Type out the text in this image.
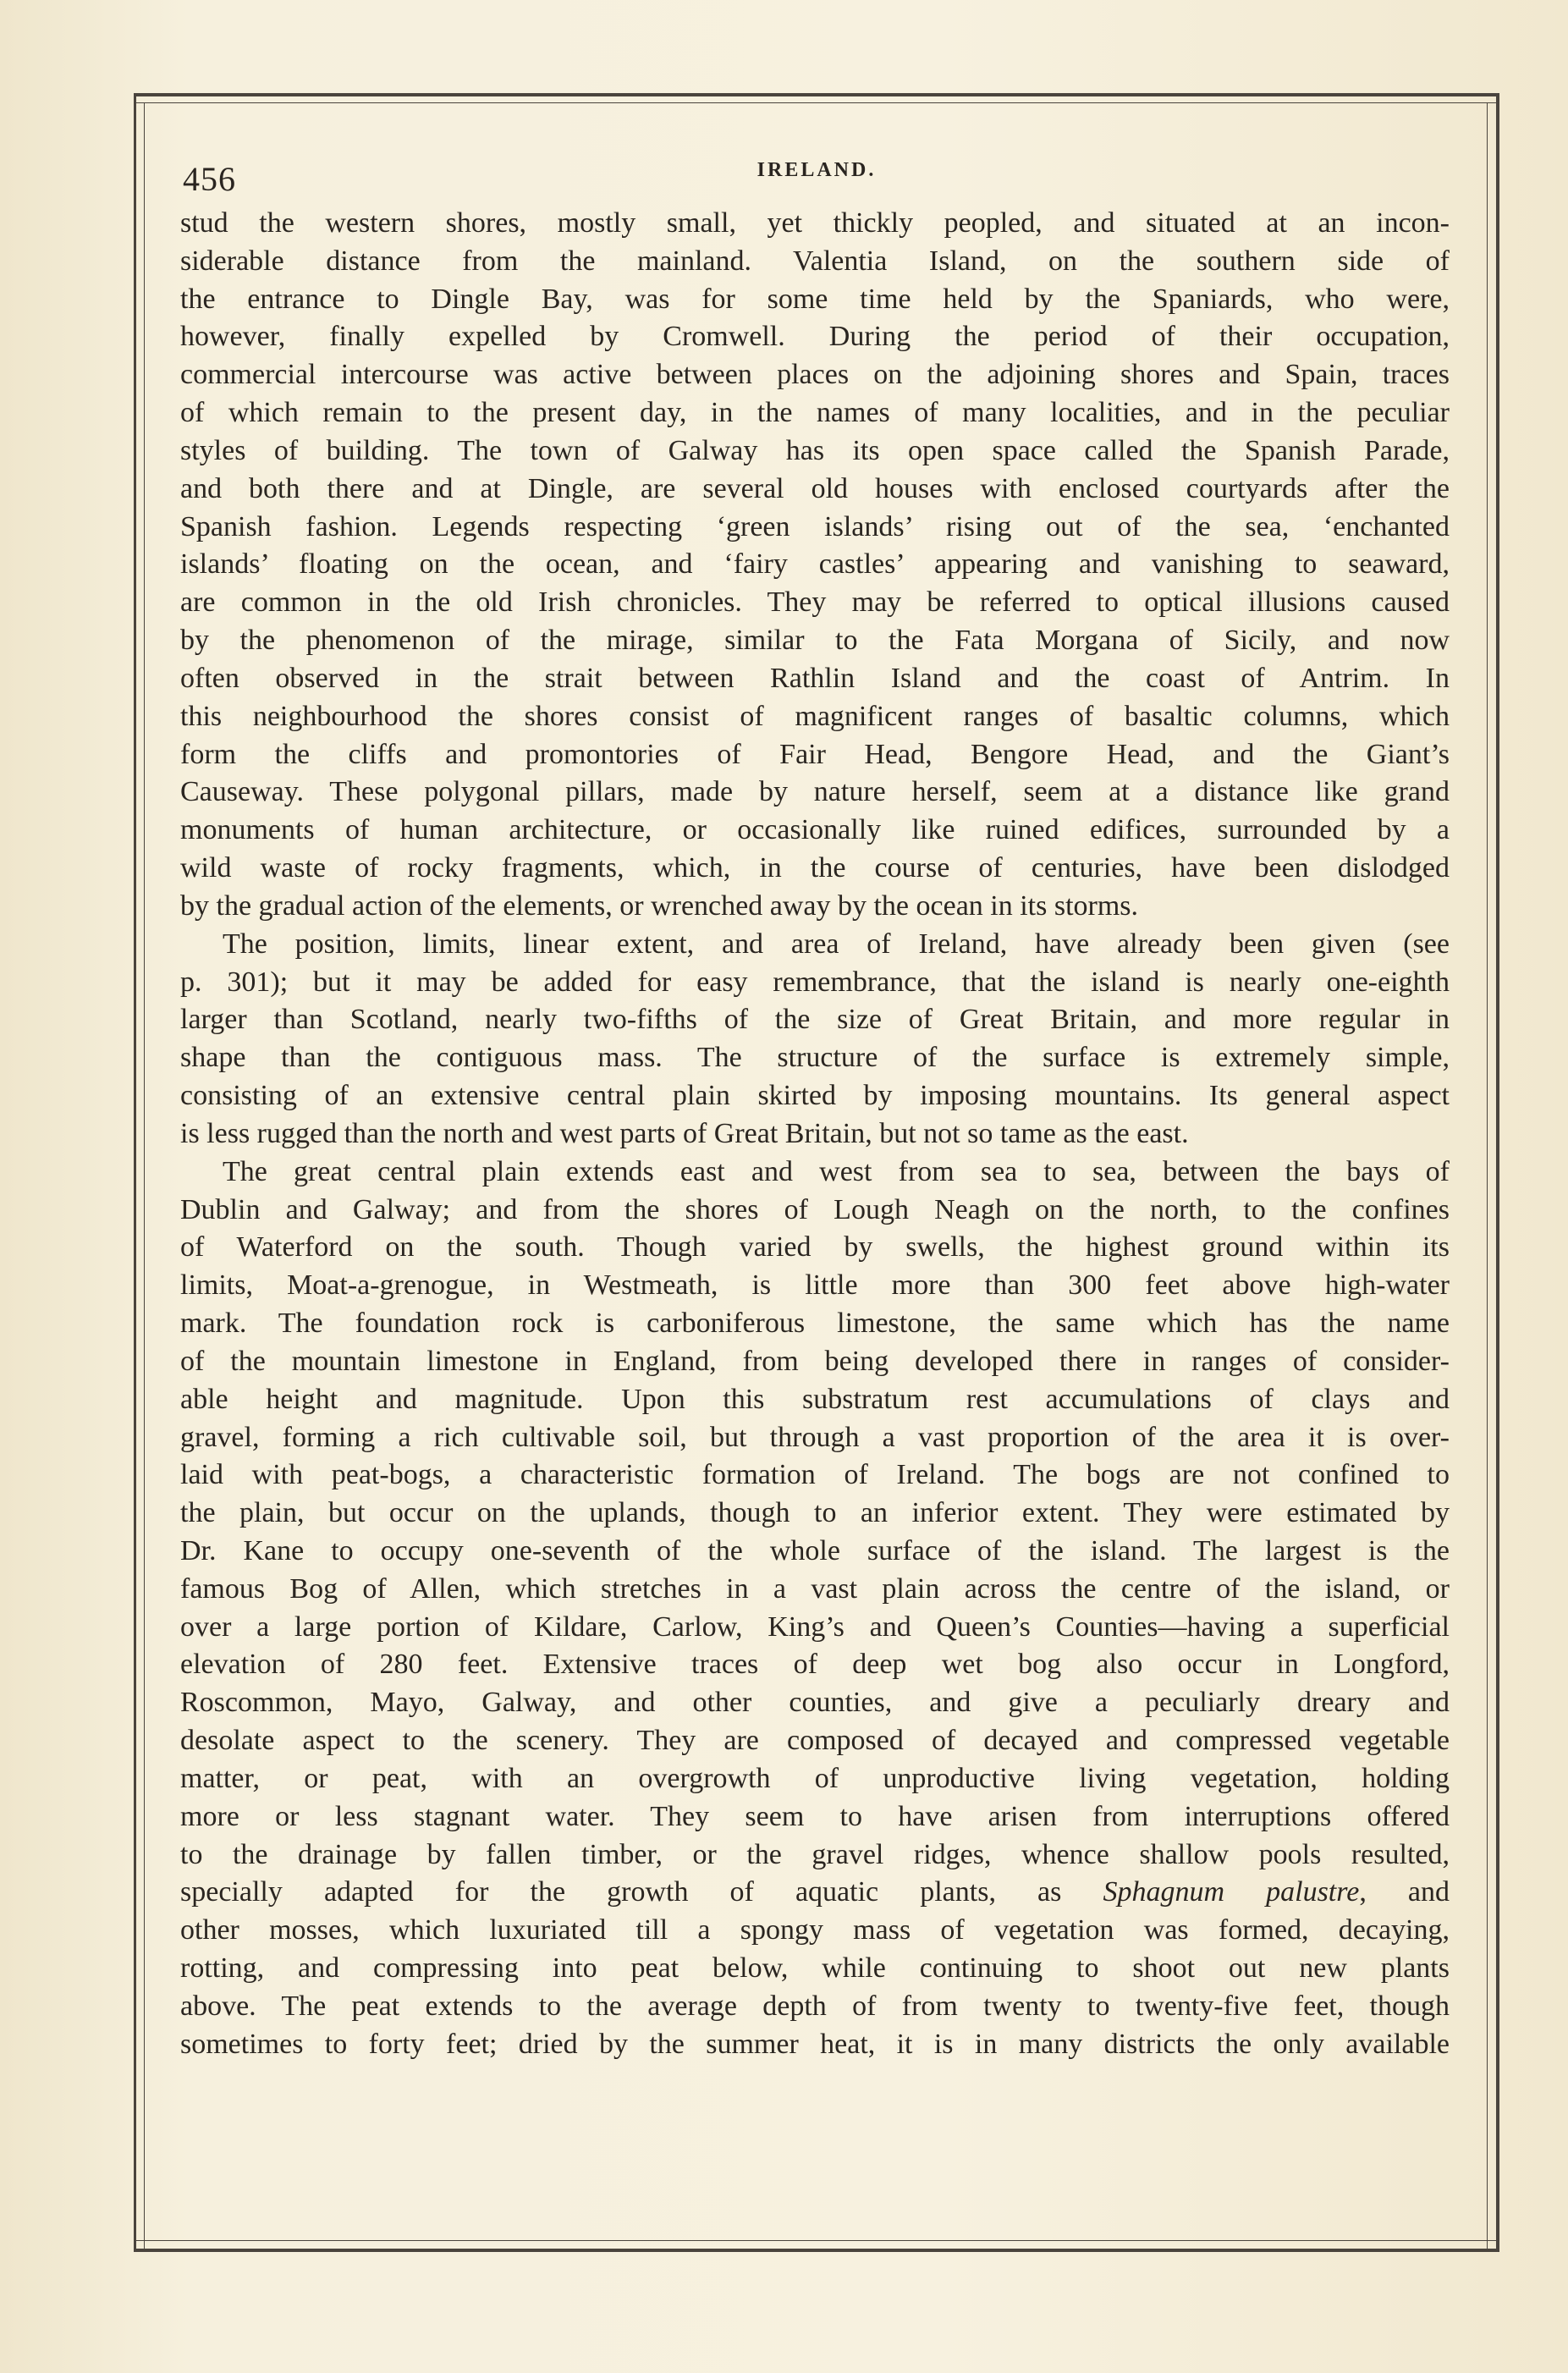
456	IRELAND.
stud the western shores, mostly small, yet thickly peopled, and situated at an incon-
siderable distance from the mainland. Valentia Island, on the southern side of
the entrance to Dingle Bay, was for some time held by the Spaniards, who were,
however, finally expelled by Cromwell. During the period of their occupation,
commercial intercourse was active between places on the adjoining shores and Spain, traces
of which remain to the present day, in the names of many localities, and in the peculiar
styles of building. The town of Galway has its open space called the Spanish Parade,
and both there and at Dingle, are several old houses with enclosed courtyards after the
Spanish fashion. Legends respecting ‘green islands’ rising out of the sea, ‘enchanted
islands’ floating on the ocean, and ‘fairy castles’ appearing and vanishing to seaward,
are common in the old Irish chronicles. They may be referred to optical illusions caused
by the phenomenon of the mirage, similar to the Fata Morgana of Sicily, and now
often observed in the strait between Rathlin Island and the coast of Antrim. In
this neighbourhood the shores consist of magnificent ranges of basaltic columns, which
form the cliffs and promontories of Fair Head, Bengore Head, and the Giant’s
Causeway. These polygonal pillars, made by nature herself, seem at a distance like grand
monuments of human architecture, or occasionally like ruined edifices, surrounded by a
wild waste of rocky fragments, which, in the course of centuries, have been dislodged
by the gradual action of the elements, or wrenched away by the ocean in its storms.
The position, limits, linear extent, and area of Ireland, have already been given (see
p. 301); but it may be added for easy remembrance, that the island is nearly one-eighth
larger than Scotland, nearly two-fifths of the size of Great Britain, and more regular in
shape than the contiguous mass. The structure of the surface is extremely simple,
consisting of an extensive central plain skirted by imposing mountains. Its general aspect
is less rugged than the north and west parts of Great Britain, but not so tame as the east.
The great central plain extends east and west from sea to sea, between the bays of
Dublin and Galway; and from the shores of Lough Neagh on the north, to the confines
of Waterford on the south. Though varied by swells, the highest ground within its
limits, Moat-a-grenogue, in Westmeath, is little more than 300 feet above high-water
mark. The foundation rock is carboniferous limestone, the same which has the name
of the mountain limestone in England, from being developed there in ranges of consider-
able height and magnitude. Upon this substratum rest accumulations of clays and
gravel, forming a rich cultivable soil, but through a vast proportion of the area it is over-
laid with peat-bogs, a characteristic formation of Ireland. The bogs are not confined to
the plain, but occur on the uplands, though to an inferior extent. They were estimated by
Dr. Kane to occupy one-seventh of the whole surface of the island. The largest is the
famous Bog of Allen, which stretches in a vast plain across the centre of the island, or
over a large portion of Kildare, Carlow, King’s and Queen’s Counties—having a superficial
elevation of 280 feet. Extensive traces of deep wet bog also occur in Longford,
Roscommon, Mayo, Galway, and other counties, and give a peculiarly dreary and
desolate aspect to the scenery. They are composed of decayed and compressed vegetable
matter, or peat, with an overgrowth of unproductive living vegetation, holding
more or less stagnant water. They seem to have arisen from interruptions offered
to the drainage by fallen timber, or the gravel ridges, whence shallow pools resulted,
specially adapted for the growth of aquatic plants, as Sphagnum palustre, and
other mosses, which luxuriated till a spongy mass of vegetation was formed, decaying,
rotting, and compressing into peat below, while continuing to shoot out new plants
above. The peat extends to the average depth of from twenty to twenty-five feet, though
sometimes to forty feet; dried by the summer heat, it is in many districts the only available
